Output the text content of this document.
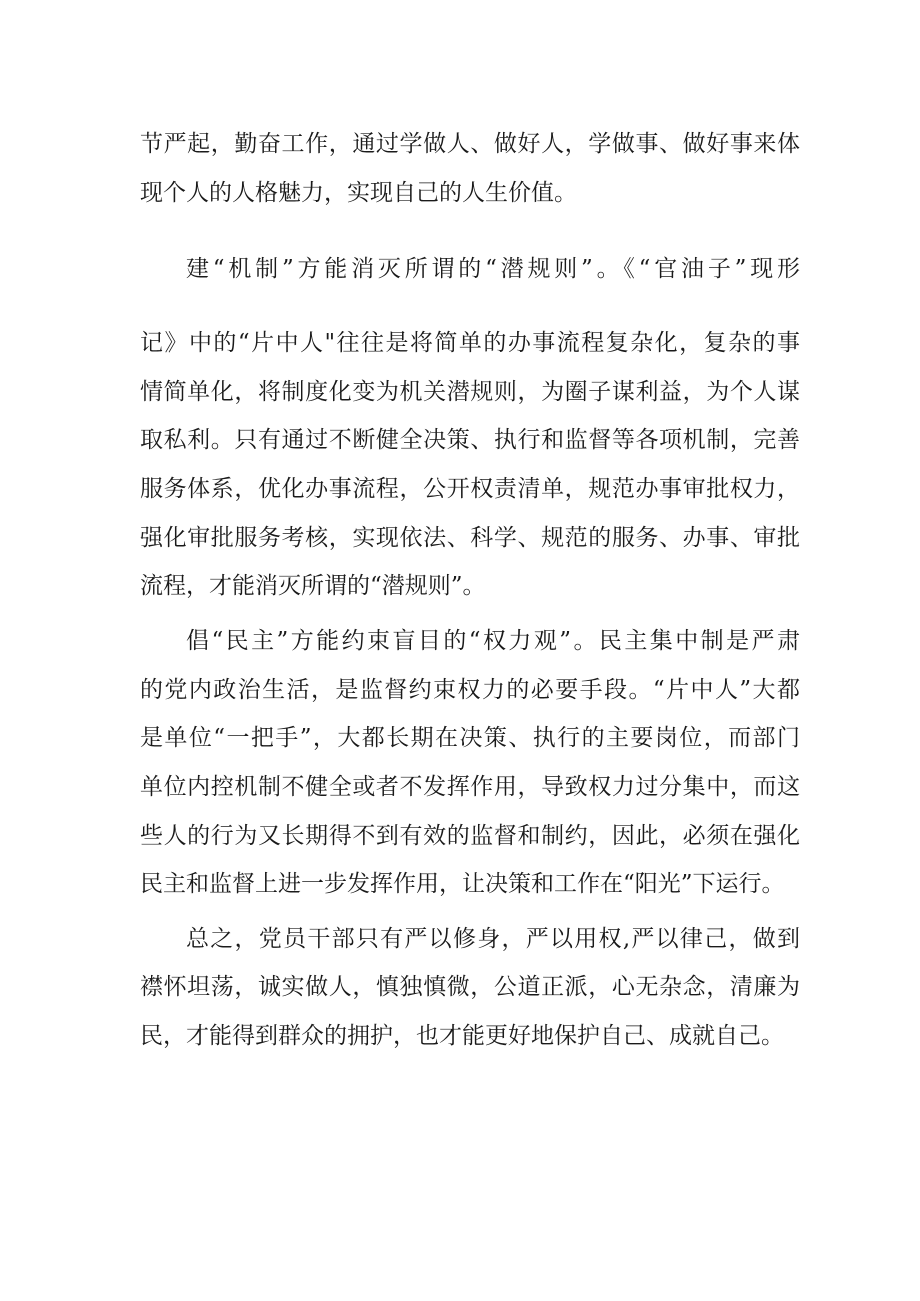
节严起，勤奋工作，通过学做人、做好人，学做事、做好事来体
现个人的人格魅力，实现自己的人生价值。
建“机制”方能消灭所谓的“潜规则”。《“官油子”现形
记》中的“片中人"往往是将简单的办事流程复杂化，复杂的事
情简单化，将制度化变为机关潜规则，为圈子谋利益，为个人谋
取私利。只有通过不断健全决策、执行和监督等各项机制，完善
服务体系，优化办事流程，公开权责清单，规范办事审批权力，
强化审批服务考核，实现依法、科学、规范的服务、办事、审批
流程，才能消灭所谓的“潜规则”。
倡“民主”方能约束盲目的“权力观”。民主集中制是严肃
的党内政治生活，是监督约束权力的必要手段。“片中人”大都
是单位“一把手”，大都长期在决策、执行的主要岗位，而部门
单位内控机制不健全或者不发挥作用，导致权力过分集中，而这
些人的行为又长期得不到有效的监督和制约，因此，必须在强化
民主和监督上进一步发挥作用，让决策和工作在“阳光”下运行。
总之，党员干部只有严以修身，严以用权,严以律己，做到
襟怀坦荡，诚实做人，慎独慎微，公道正派，心无杂念，清廉为
民，才能得到群众的拥护，也才能更好地保护自己、成就自己。
